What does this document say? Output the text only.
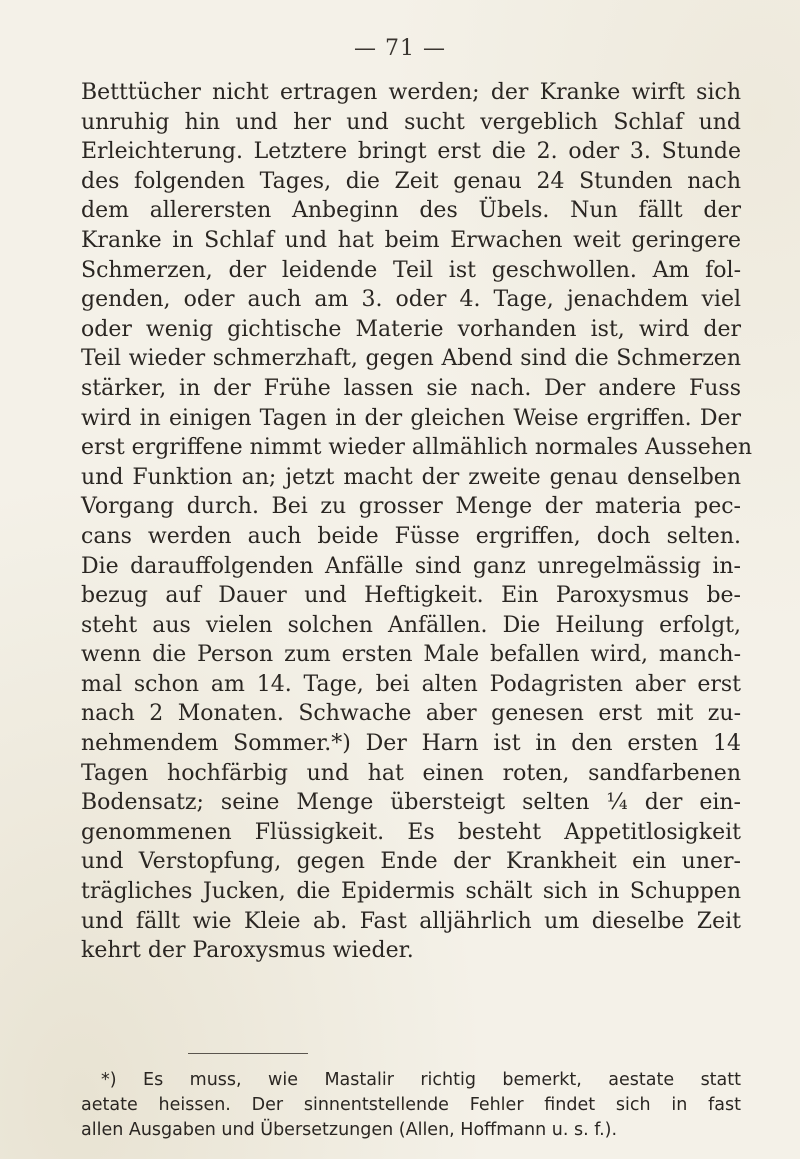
— 71 —
Betttücher nicht ertragen werden; der Kranke wirft sich
unruhig hin und her und sucht vergeblich Schlaf und
Erleichterung. Letztere bringt erst die 2. oder 3. Stunde
des folgenden Tages, die Zeit genau 24 Stunden nach
dem allerersten Anbeginn des Übels. Nun fällt der
Kranke in Schlaf und hat beim Erwachen weit geringere
Schmerzen, der leidende Teil ist geschwollen. Am fol-
genden, oder auch am 3. oder 4. Tage, jenachdem viel
oder wenig gichtische Materie vorhanden ist, wird der
Teil wieder schmerzhaft, gegen Abend sind die Schmerzen
stärker, in der Frühe lassen sie nach. Der andere Fuss
wird in einigen Tagen in der gleichen Weise ergriffen. Der
erst ergriffene nimmt wieder allmählich normales Aussehen
und Funktion an; jetzt macht der zweite genau denselben
Vorgang durch. Bei zu grosser Menge der materia pec-
cans werden auch beide Füsse ergriffen, doch selten.
Die darauffolgenden Anfälle sind ganz unregelmässig in-
bezug auf Dauer und Heftigkeit. Ein Paroxysmus be-
steht aus vielen solchen Anfällen. Die Heilung erfolgt,
wenn die Person zum ersten Male befallen wird, manch-
mal schon am 14. Tage, bei alten Podagristen aber erst
nach 2 Monaten. Schwache aber genesen erst mit zu-
nehmendem Sommer.*) Der Harn ist in den ersten 14
Tagen hochfärbig und hat einen roten, sandfarbenen
Bodensatz; seine Menge übersteigt selten ¼ der ein-
genommenen Flüssigkeit. Es besteht Appetitlosigkeit
und Verstopfung, gegen Ende der Krankheit ein uner-
trägliches Jucken, die Epidermis schält sich in Schuppen
und fällt wie Kleie ab. Fast alljährlich um dieselbe Zeit
kehrt der Paroxysmus wieder.
*) Es muss, wie Mastalir richtig bemerkt, aestate statt
aetate heissen. Der sinnentstellende Fehler findet sich in fast
allen Ausgaben und Übersetzungen (Allen, Hoffmann u. s. f.).
